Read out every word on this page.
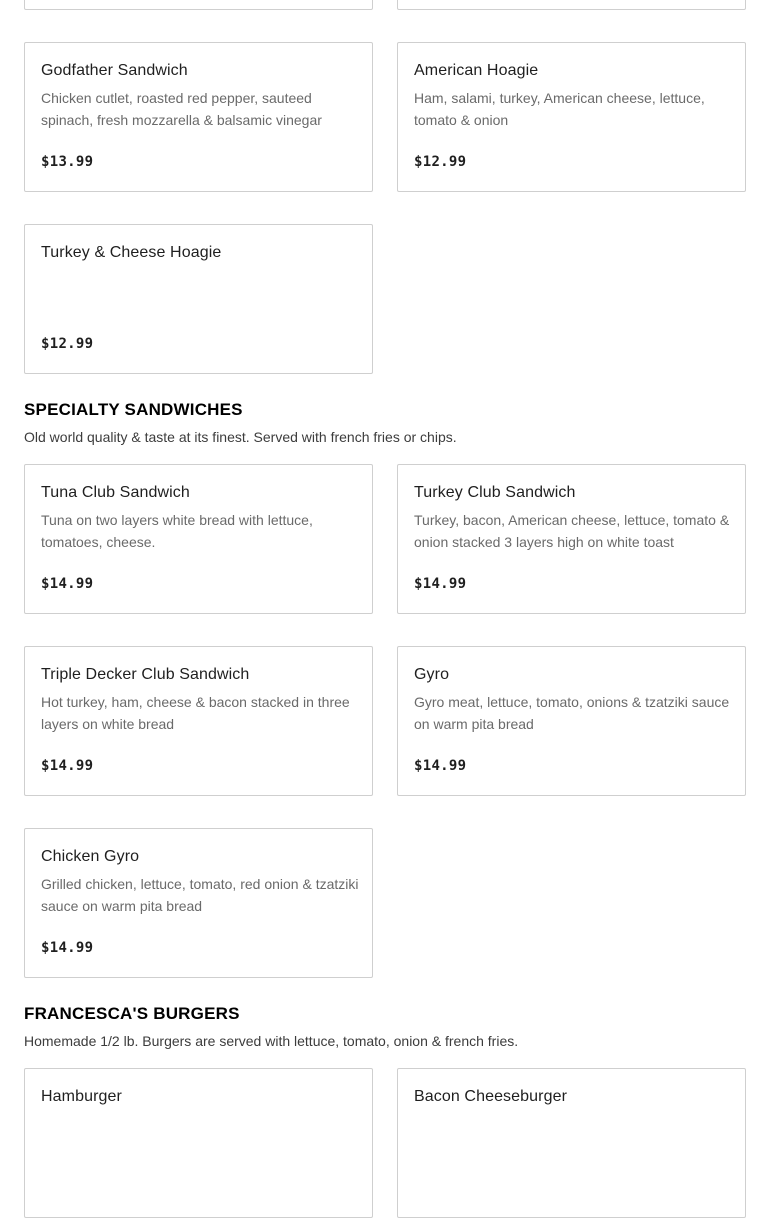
Godfather Sandwich
Chicken cutlet, roasted red pepper, sauteed spinach, fresh mozzarella & balsamic vinegar
$13.99
American Hoagie
Ham, salami, turkey, American cheese, lettuce, tomato & onion
$12.99
Turkey & Cheese Hoagie
$12.99
SPECIALTY SANDWICHES

Old world quality & taste at its finest. Served with french fries or chips.

Tuna Club Sandwich
Tuna on two layers white bread with lettuce, tomatoes, cheese.
$14.99
Turkey Club Sandwich
Turkey, bacon, American cheese, lettuce, tomato & onion stacked 3 layers high on white toast
$14.99
Triple Decker Club Sandwich
Hot turkey, ham, cheese & bacon stacked in three layers on white bread
$14.99
Gyro
Gyro meat, lettuce, tomato, onions & tzatziki sauce on warm pita bread
$14.99
Chicken Gyro
Grilled chicken, lettuce, tomato, red onion & tzatziki sauce on warm pita bread
$14.99
FRANCESCA'S BURGERS

Homemade 1/2 lb. Burgers are served with lettuce, tomato, onion & french fries.

Hamburger	Bacon Cheeseburger
